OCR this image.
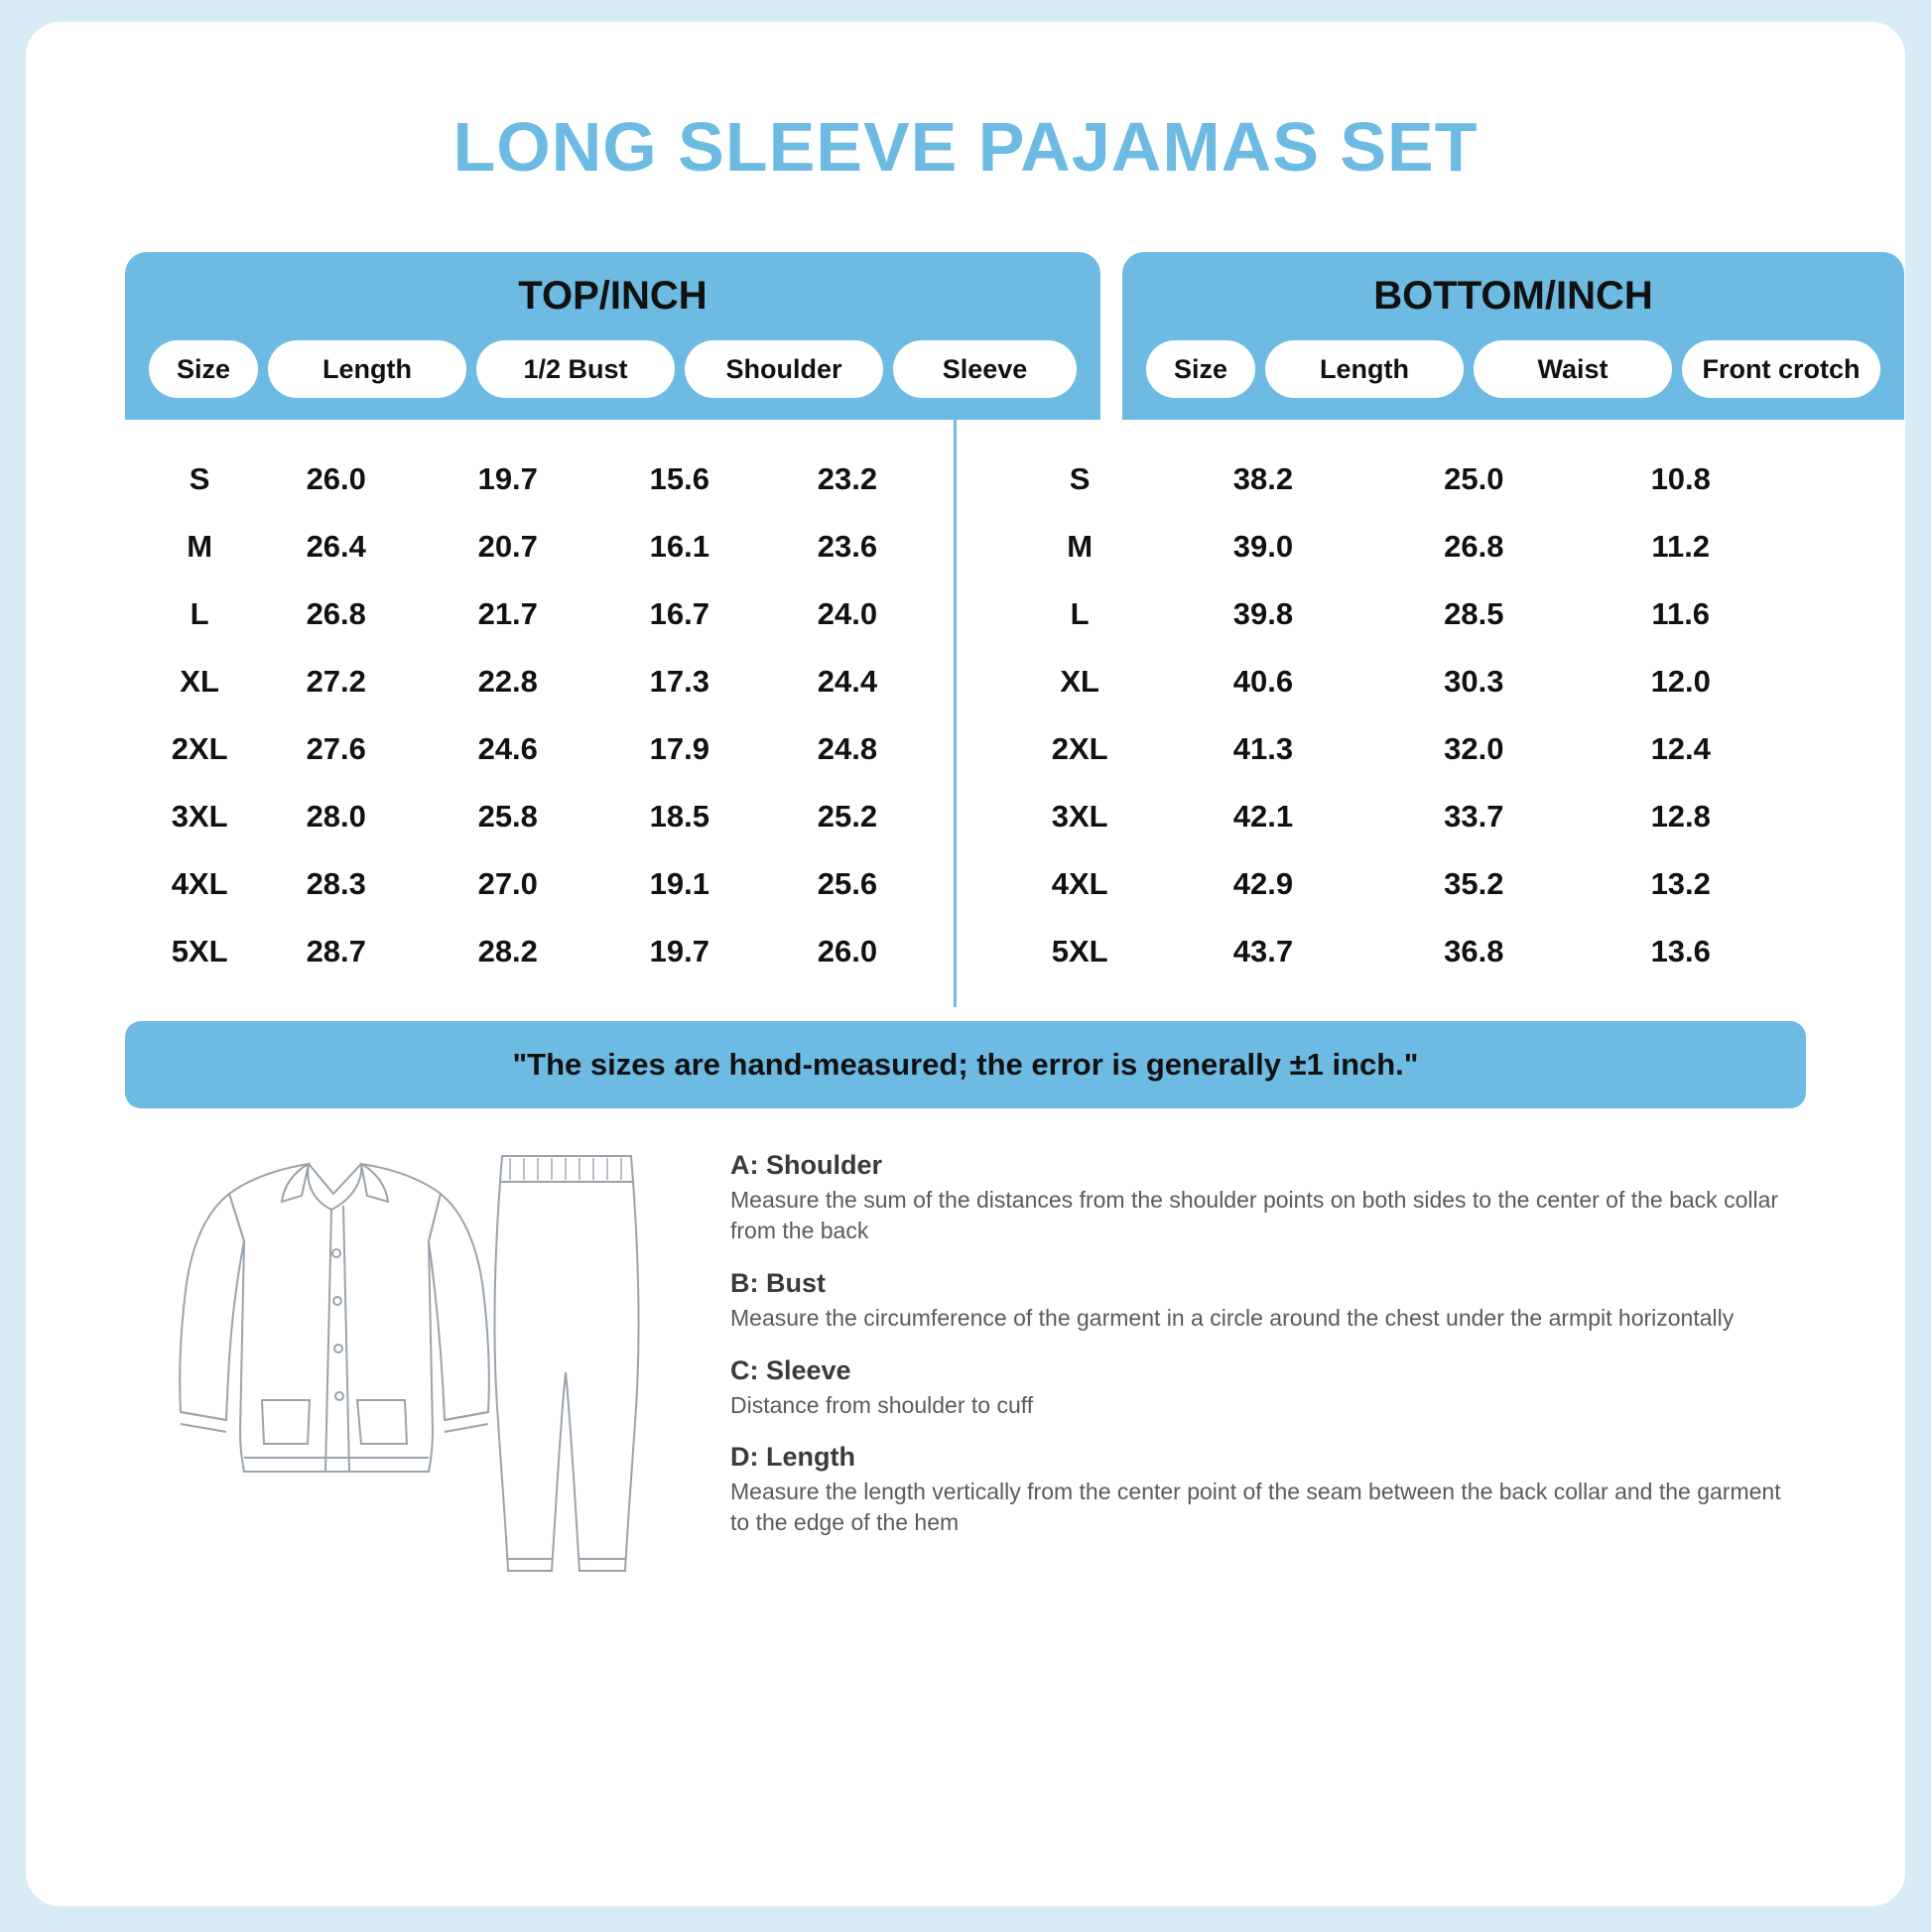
LONG SLEEVE PAJAMAS SET
TOP/INCH
Size	Length	1/2 Bust	Shoulder	Sleeve
BOTTOM/INCH
Size	Length	Waist	Front crotch
S	26.0	19.7	15.6	23.2
M	26.4	20.7	16.1	23.6
L	26.8	21.7	16.7	24.0
XL	27.2	22.8	17.3	24.4
2XL	27.6	24.6	17.9	24.8
3XL	28.0	25.8	18.5	25.2
4XL	28.3	27.0	19.1	25.6
5XL	28.7	28.2	19.7	26.0
S	38.2	25.0	10.8
M	39.0	26.8	11.2
L	39.8	28.5	11.6
XL	40.6	30.3	12.0
2XL	41.3	32.0	12.4
3XL	42.1	33.7	12.8
4XL	42.9	35.2	13.2
5XL	43.7	36.8	13.6
"The sizes are hand-measured; the error is generally ±1 inch."

A: Shoulder

Measure the sum of the distances from the shoulder points on both sides to the center of the back collar from the back

B: Bust

Measure the circumference of the garment in a circle around the chest under the armpit horizontally

C: Sleeve

Distance from shoulder to cuff

D: Length

Measure the length vertically from the center point of the seam between the back collar and the garment to the edge of the hem
